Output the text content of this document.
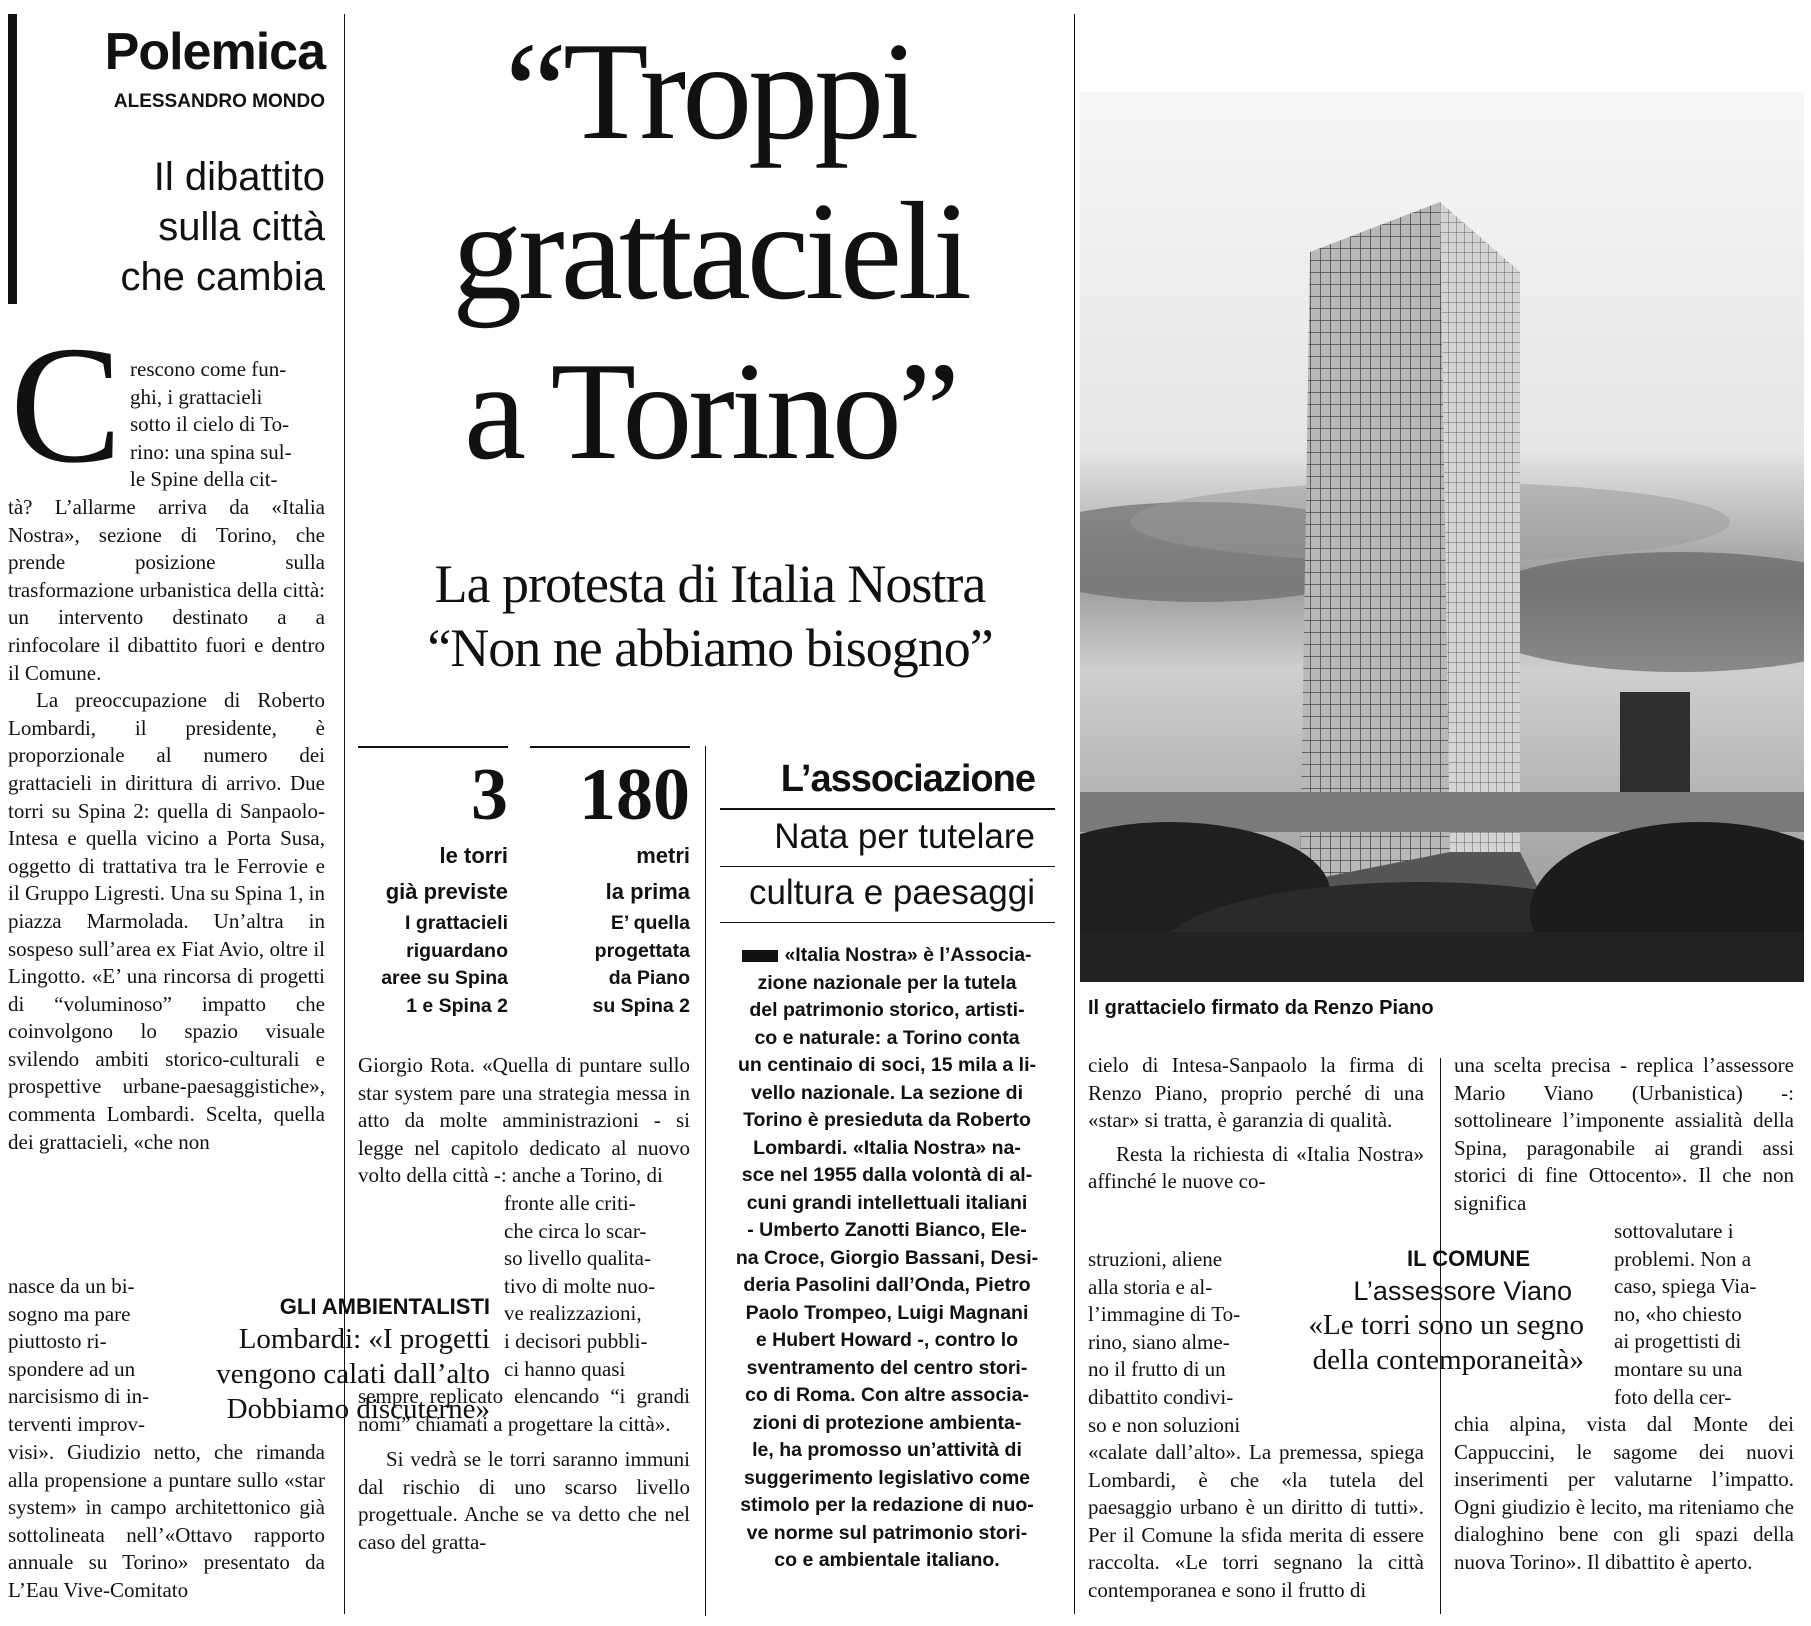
Polemica
ALESSANDRO MONDO
Il dibattito
sulla città
che cambia
“Troppi
grattacieli
a Torino”
La protesta di Italia Nostra
“Non ne abbiamo bisogno”
3
le torri
già previste
I grattacieli
riguardano
aree su Spina
1 e Spina 2
180
metri
la prima
E’ quella
progettata
da Piano
su Spina 2
L’associazione
Nata per tutelare
cultura e paesaggi
«Italia Nostra» è l’Associa-
zione nazionale per la tutela
del patrimonio storico, artisti-
co e naturale: a Torino conta
un centinaio di soci, 15 mila a li-
vello nazionale. La sezione di
Torino è presieduta da Roberto
Lombardi. «Italia Nostra» na-
sce nel 1955 dalla volontà di al-
cuni grandi intellettuali italiani
- Umberto Zanotti Bianco, Ele-
na Croce, Giorgio Bassani, Desi-
deria Pasolini dall’Onda, Pietro
Paolo Trompeo, Luigi Magnani
e Hubert Howard -, contro lo
sventramento del centro stori-
co di Roma. Con altre associa-
zioni di protezione ambienta-
le, ha promosso un’attività di
suggerimento legislativo come
stimolo per la redazione di nuo-
ve norme sul patrimonio stori-
co e ambientale italiano.
Il grattacielo firmato da Renzo Piano
C rescono come fun-
ghi, i grattacieli
sotto il cielo di To-
rino: una spina sul-
le Spine della cit-

tà? L’allarme arriva da «Italia Nostra», sezione di Torino, che prende posizione sulla trasformazione urbanistica della città: un intervento destinato a a rinfocolare il dibattito fuori e dentro il Comune.

La preoccupazione di Roberto Lombardi, il presidente, è proporzionale al numero dei grattacieli in dirittura di arrivo. Due torri su Spina 2: quella di Sanpaolo-Intesa e quella vicino a Porta Susa, oggetto di trattativa tra le Ferrovie e il Gruppo Ligresti. Una su Spina 1, in piazza Marmolada. Un’altra in sospeso sull’area ex Fiat Avio, oltre il Lingotto. «E’ una rincorsa di progetti di “voluminoso” impatto che coinvolgono lo spazio visuale svilendo ambiti storico-culturali e prospettive urbane-paesaggistiche», commenta Lombardi. Scelta, quella dei grattacieli, «che non

nasce da un bi-
sogno ma pare
piuttosto ri-
spondere ad un
narcisismo di in-
terventi improv-

visi». Giudizio netto, che rimanda alla propensione a puntare sullo «star system» in campo architettonico già sottolineata nell’«Ottavo rapporto annuale su Torino» presentato da L’Eau Vive-Comitato

GLI AMBIENTALISTI
Lombardi: «I progetti
vengono calati dall’alto
Dobbiamo discuterne»

Giorgio Rota. «Quella di puntare sullo star system pare una strategia messa in atto da molte amministrazioni - si legge nel capitolo dedicato al nuovo volto della città -: anche a Torino, di

fronte alle criti-
che circa lo scar-
so livello qualita-
tivo di molte nuo-
ve realizzazioni,
i decisori pubbli-
ci hanno quasi

sempre replicato elencando “i grandi nomi” chiamati a progettare la città».

Si vedrà se le torri saranno immuni dal rischio di uno scarso livello progettuale. Anche se va detto che nel caso del gratta-

cielo di Intesa-Sanpaolo la firma di Renzo Piano, proprio perché di una «star» si tratta, è garanzia di qualità.

Resta la richiesta di «Italia Nostra» affinché le nuove co-

struzioni, aliene
alla storia e al-
l’immagine di To-
rino, siano alme-
no il frutto di un
dibattito condivi-
so e non soluzioni

«calate dall’alto». La premessa, spiega Lombardi, è che «la tutela del paesaggio urbano è un diritto di tutti». Per il Comune la sfida merita di essere raccolta. «Le torri segnano la città contemporanea e sono il frutto di

IL COMUNE
L’assessore Viano
«Le torri sono un segno
della contemporaneità»

una scelta precisa - replica l’assessore Mario Viano (Urbanistica) -: sottolineare l’imponente assialità della Spina, paragonabile ai grandi assi storici di fine Ottocento». Il che non significa

sottovalutare i
problemi. Non a
caso, spiega Via-
no, «ho chiesto
ai progettisti di
montare su una
foto della cer-

chia alpina, vista dal Monte dei Cappuccini, le sagome dei nuovi inserimenti per valutarne l’impatto. Ogni giudizio è lecito, ma riteniamo che dialoghino bene con gli spazi della nuova Torino». Il dibattito è aperto.
